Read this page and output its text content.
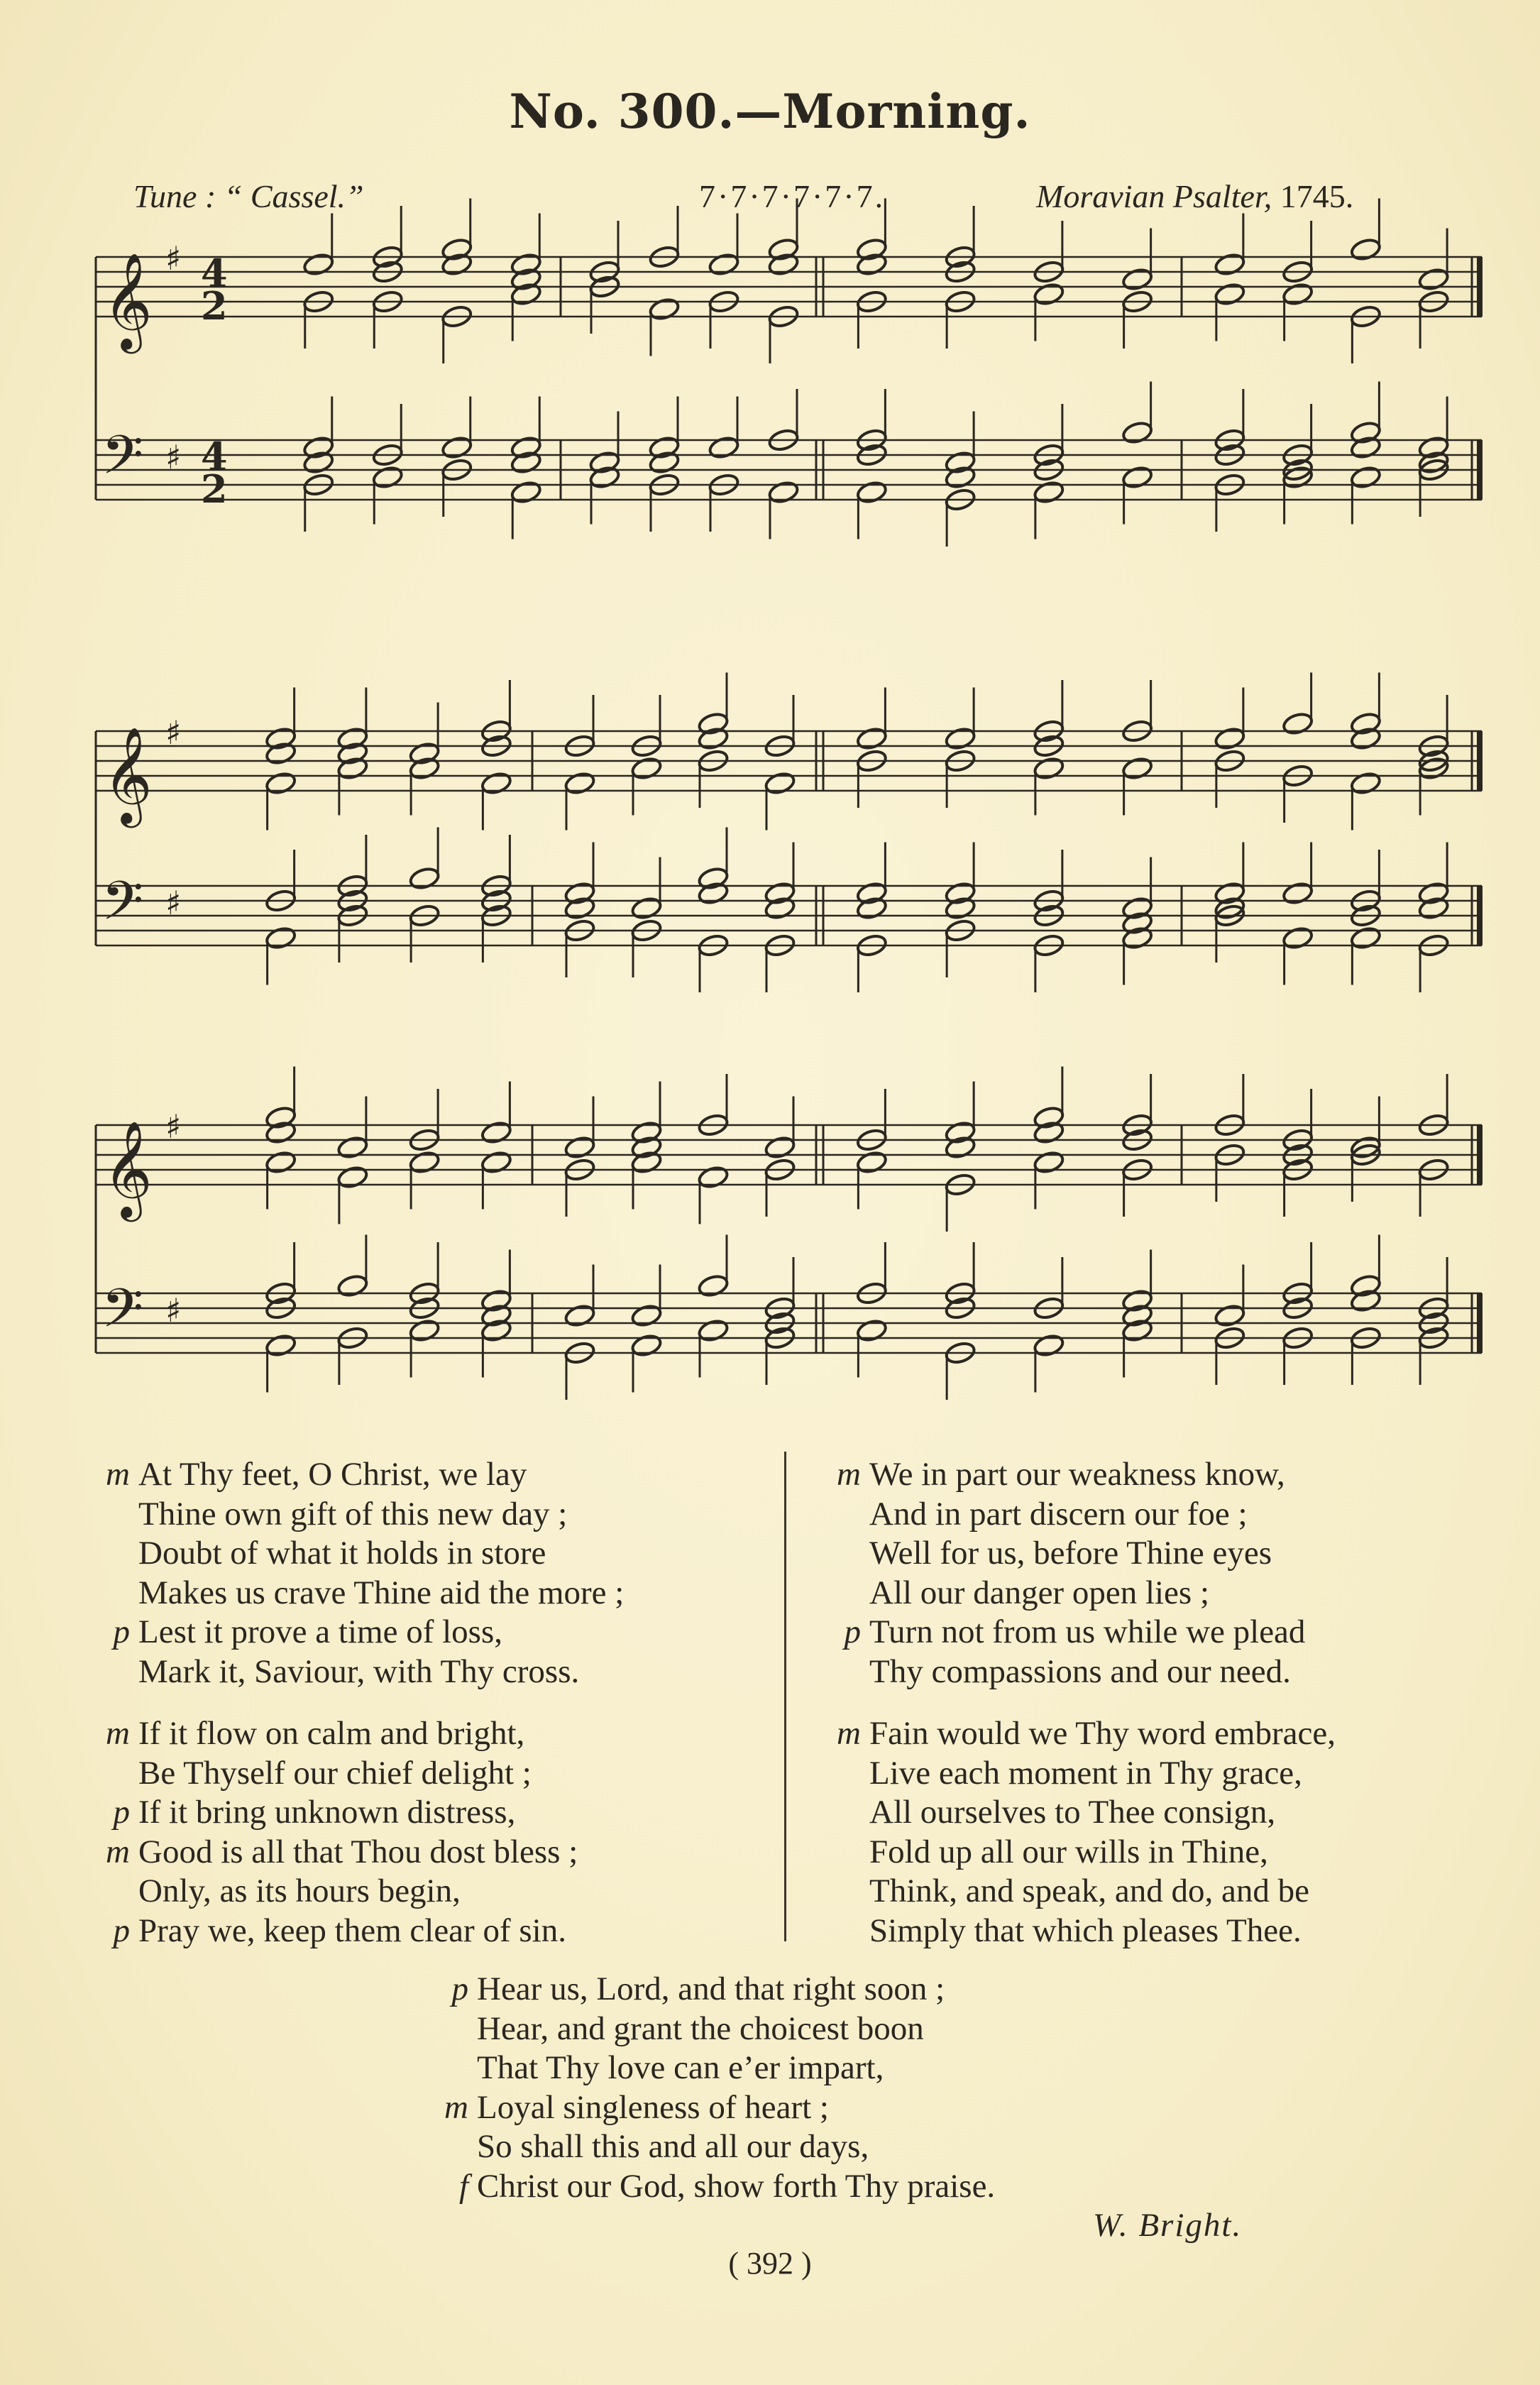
No. 300.—Morning.
Tune : “ Cassel.”	7·7·7·7·7·7.	Moravian Psalter, 1745.
𝄞 ♯ 4
2
𝄢 ♯ 4
2
𝄞 ♯
𝄢 ♯
𝄞 ♯
𝄢 ♯
m At Thy feet, O Christ, we lay
Thine own gift of this new day ;
Doubt of what it holds in store
Makes us crave Thine aid the more ;
p Lest it prove a time of loss,
Mark it, Saviour, with Thy cross.
m If it flow on calm and bright,
Be Thyself our chief delight ;
p If it bring unknown distress,
m Good is all that Thou dost bless ;
Only, as its hours begin,
p Pray we, keep them clear of sin.
m We in part our weakness know,
And in part discern our foe ;
Well for us, before Thine eyes
All our danger open lies ;
p Turn not from us while we plead
Thy compassions and our need.
m Fain would we Thy word embrace,
Live each moment in Thy grace,
All ourselves to Thee consign,
Fold up all our wills in Thine,
Think, and speak, and do, and be
Simply that which pleases Thee.
p Hear us, Lord, and that right soon ;
Hear, and grant the choicest boon
That Thy love can e’er impart,
m Loyal singleness of heart ;
So shall this and all our days,
f Christ our God, show forth Thy praise.
W. Bright.
( 392 )
